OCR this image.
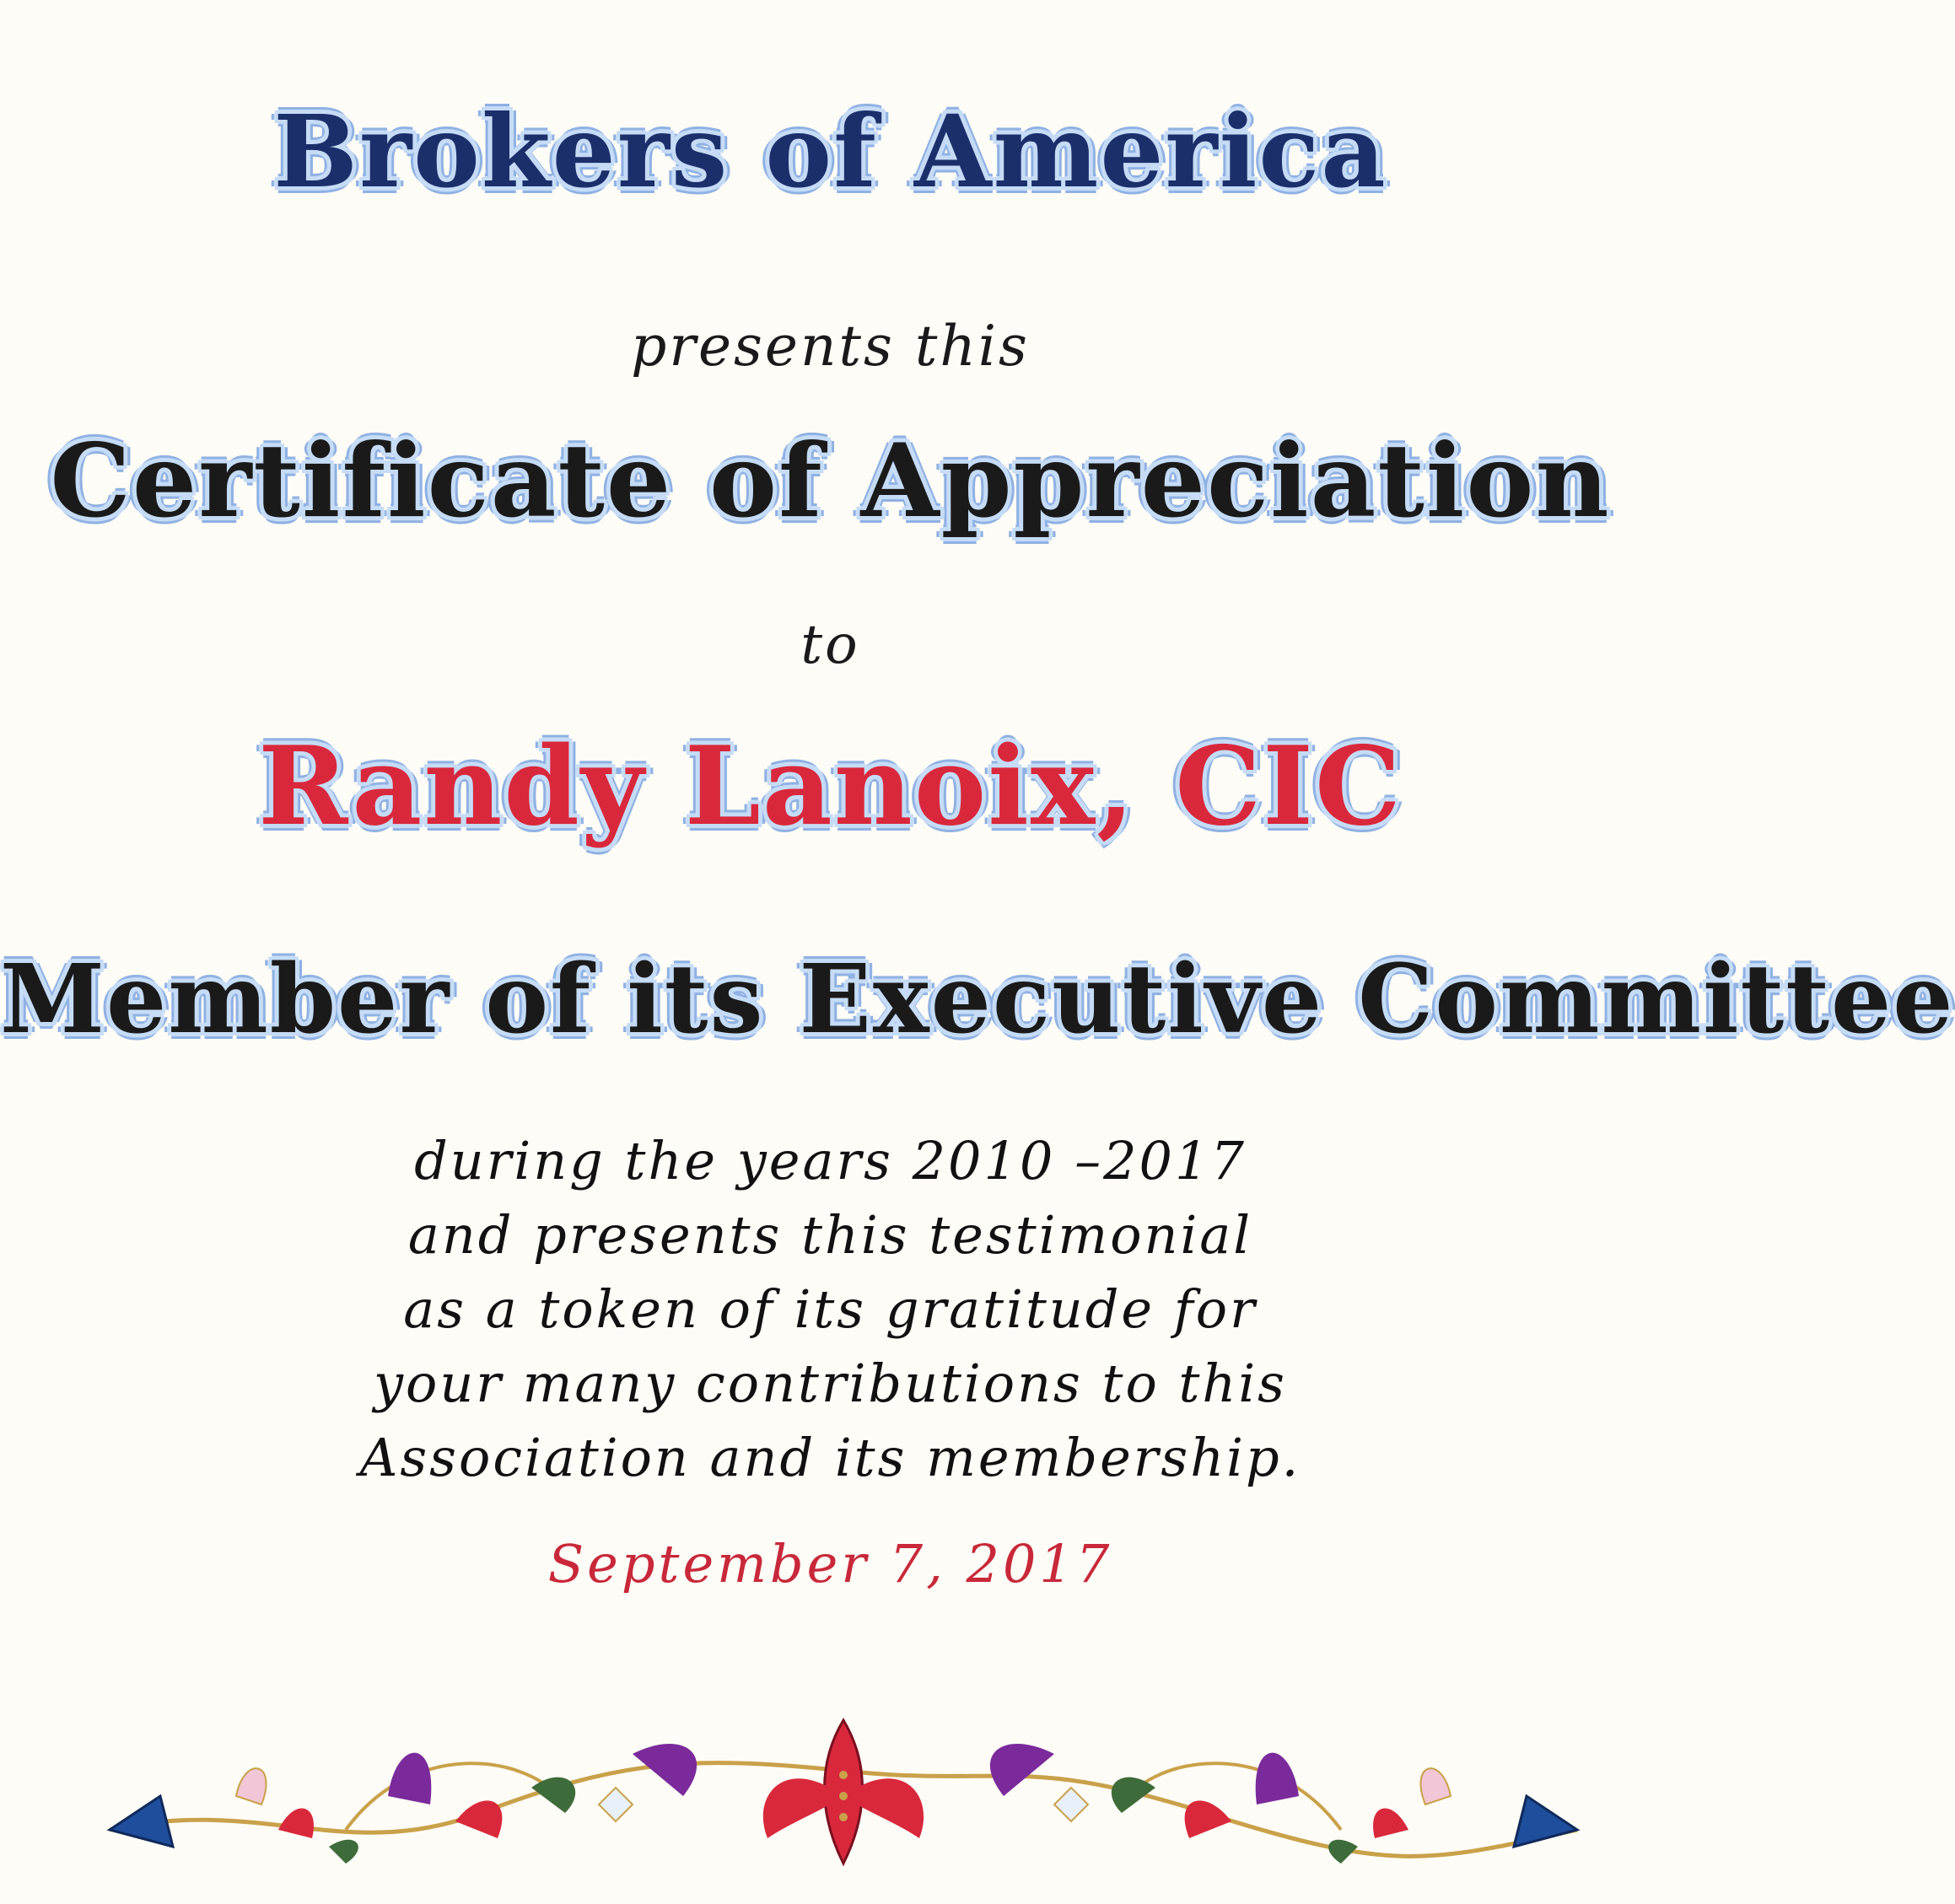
Brokers of America
presents this
Certificate of Appreciation
to
Randy Lanoix, CIC
Member of its Executive Committee
during the years 2010 –2017
and presents this testimonial
as a token of its gratitude for
your many contributions to this
Association and its membership.
September 7, 2017
